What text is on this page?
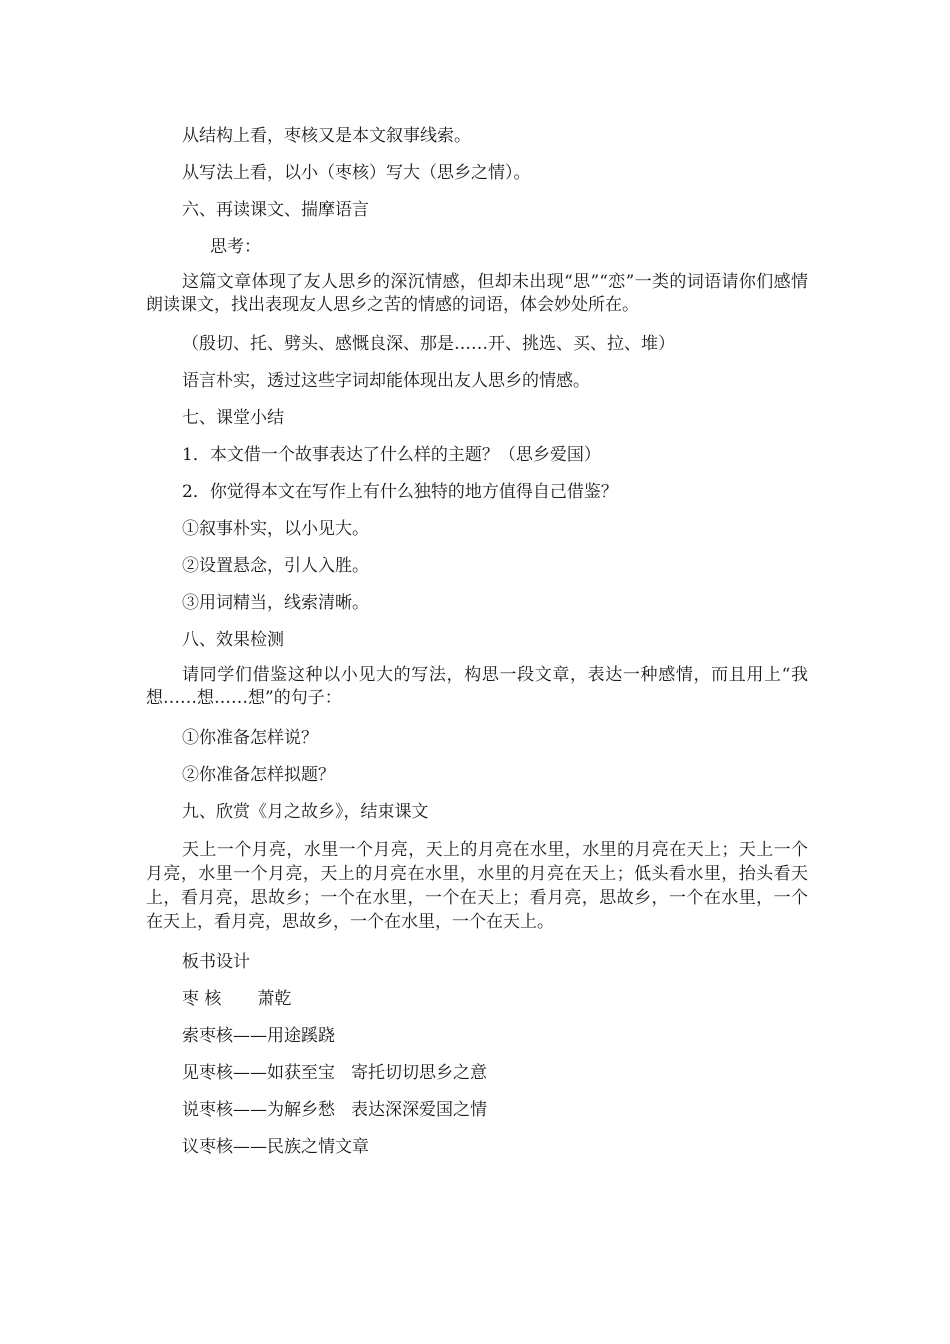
从结构上看，枣核又是本文叙事线索。
从写法上看，以小（枣核）写大（思乡之情）。
六、再读课文、揣摩语言
思考：
这篇文章体现了友人思乡的深沉情感，但却未出现“思”“恋”一类的词语请你们感情朗读课文，找出表现友人思乡之苦的情感的词语，体会妙处所在。
（殷切、托、劈头、感慨良深、那是……开、挑选、买、拉、堆）
语言朴实，透过这些字词却能体现出友人思乡的情感。
七、课堂小结
1．本文借一个故事表达了什么样的主题？（思乡爱国）
2．你觉得本文在写作上有什么独特的地方值得自己借鉴？
①叙事朴实，以小见大。
②设置悬念，引人入胜。
③用词精当，线索清晰。
八、效果检测
请同学们借鉴这种以小见大的写法，构思一段文章，表达一种感情，而且用上“我想……想……想”的句子：
①你准备怎样说？
②你准备怎样拟题？
九、欣赏《月之故乡》，结束课文
天上一个月亮，水里一个月亮，天上的月亮在水里，水里的月亮在天上；天上一个月亮，水里一个月亮，天上的月亮在水里，水里的月亮在天上；低头看水里，抬头看天上，看月亮，思故乡；一个在水里，一个在天上；看月亮，思故乡，一个在水里，一个在天上，看月亮，思故乡，一个在水里，一个在天上。
板书设计
枣 核 萧乾
索枣核——用途蹊跷
见枣核——如获至宝 寄托切切思乡之意
说枣核——为解乡愁 表达深深爱国之情
议枣核——民族之情文章
